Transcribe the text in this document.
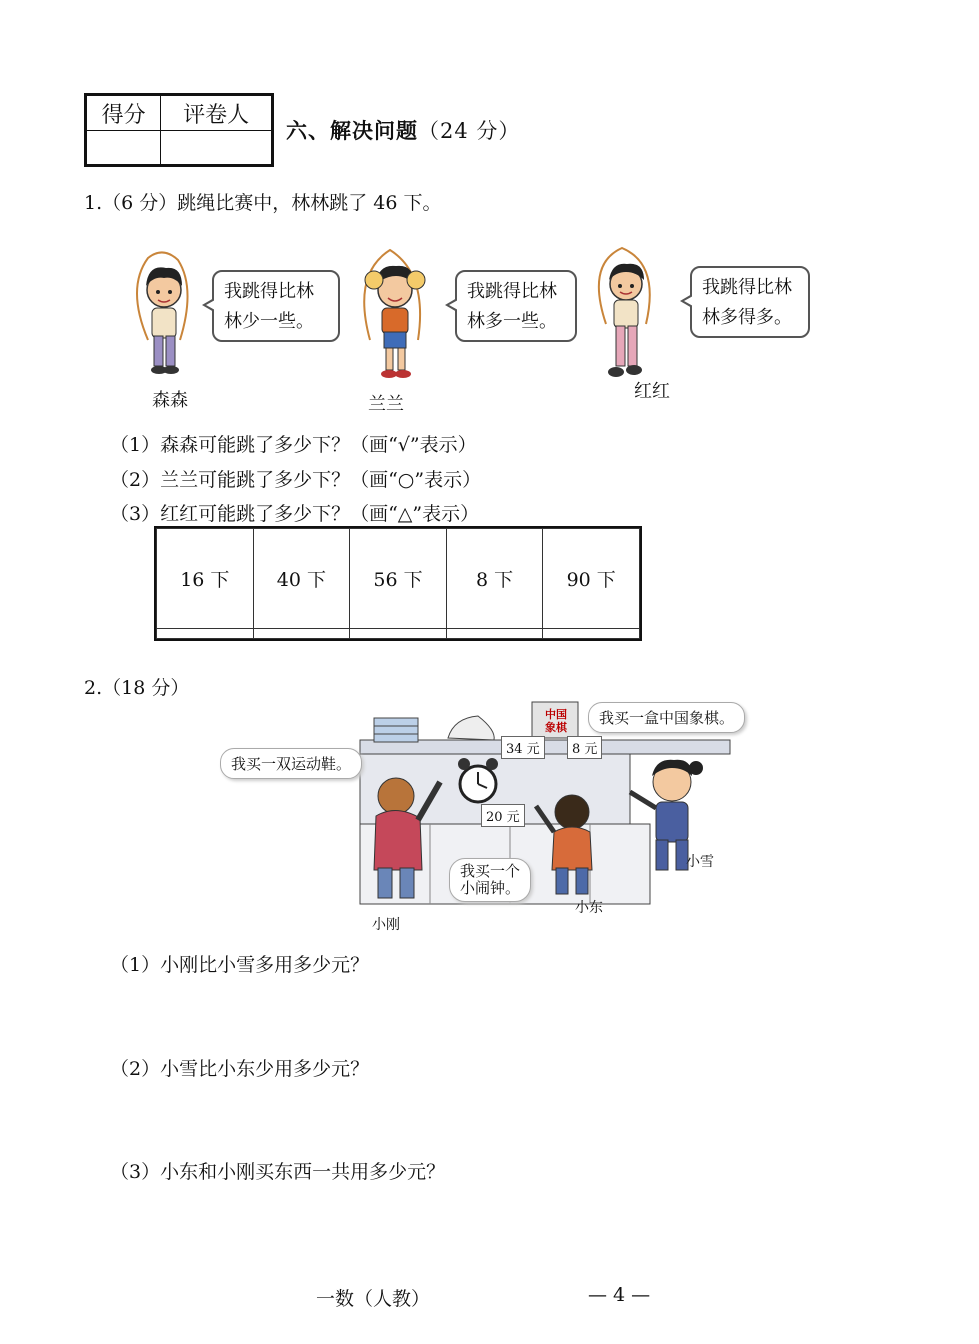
得分	评卷人

六、解决问题（24 分）
1.（6 分）跳绳比赛中，林林跳了 46 下。
我跳得比林
林少一些。
森森
我跳得比林
林多一些。
兰兰
我跳得比林
林多得多。
红红
（1）森森可能跳了多少下？（画“√”表示）
（2）兰兰可能跳了多少下？（画“○”表示）
（3）红红可能跳了多少下？（画“△”表示）
16 下	40 下	56 下	8 下	90 下

2.（18 分）
中国
象棋
我买一双运动鞋。
我买一盒中国象棋。
我买一个
小闹钟。
34 元	8 元
20 元
小刚
小东
小雪
（1）小刚比小雪多用多少元？
（2）小雪比小东少用多少元？
（3）小东和小刚买东西一共用多少元？
一数（人教）	— 4 —
